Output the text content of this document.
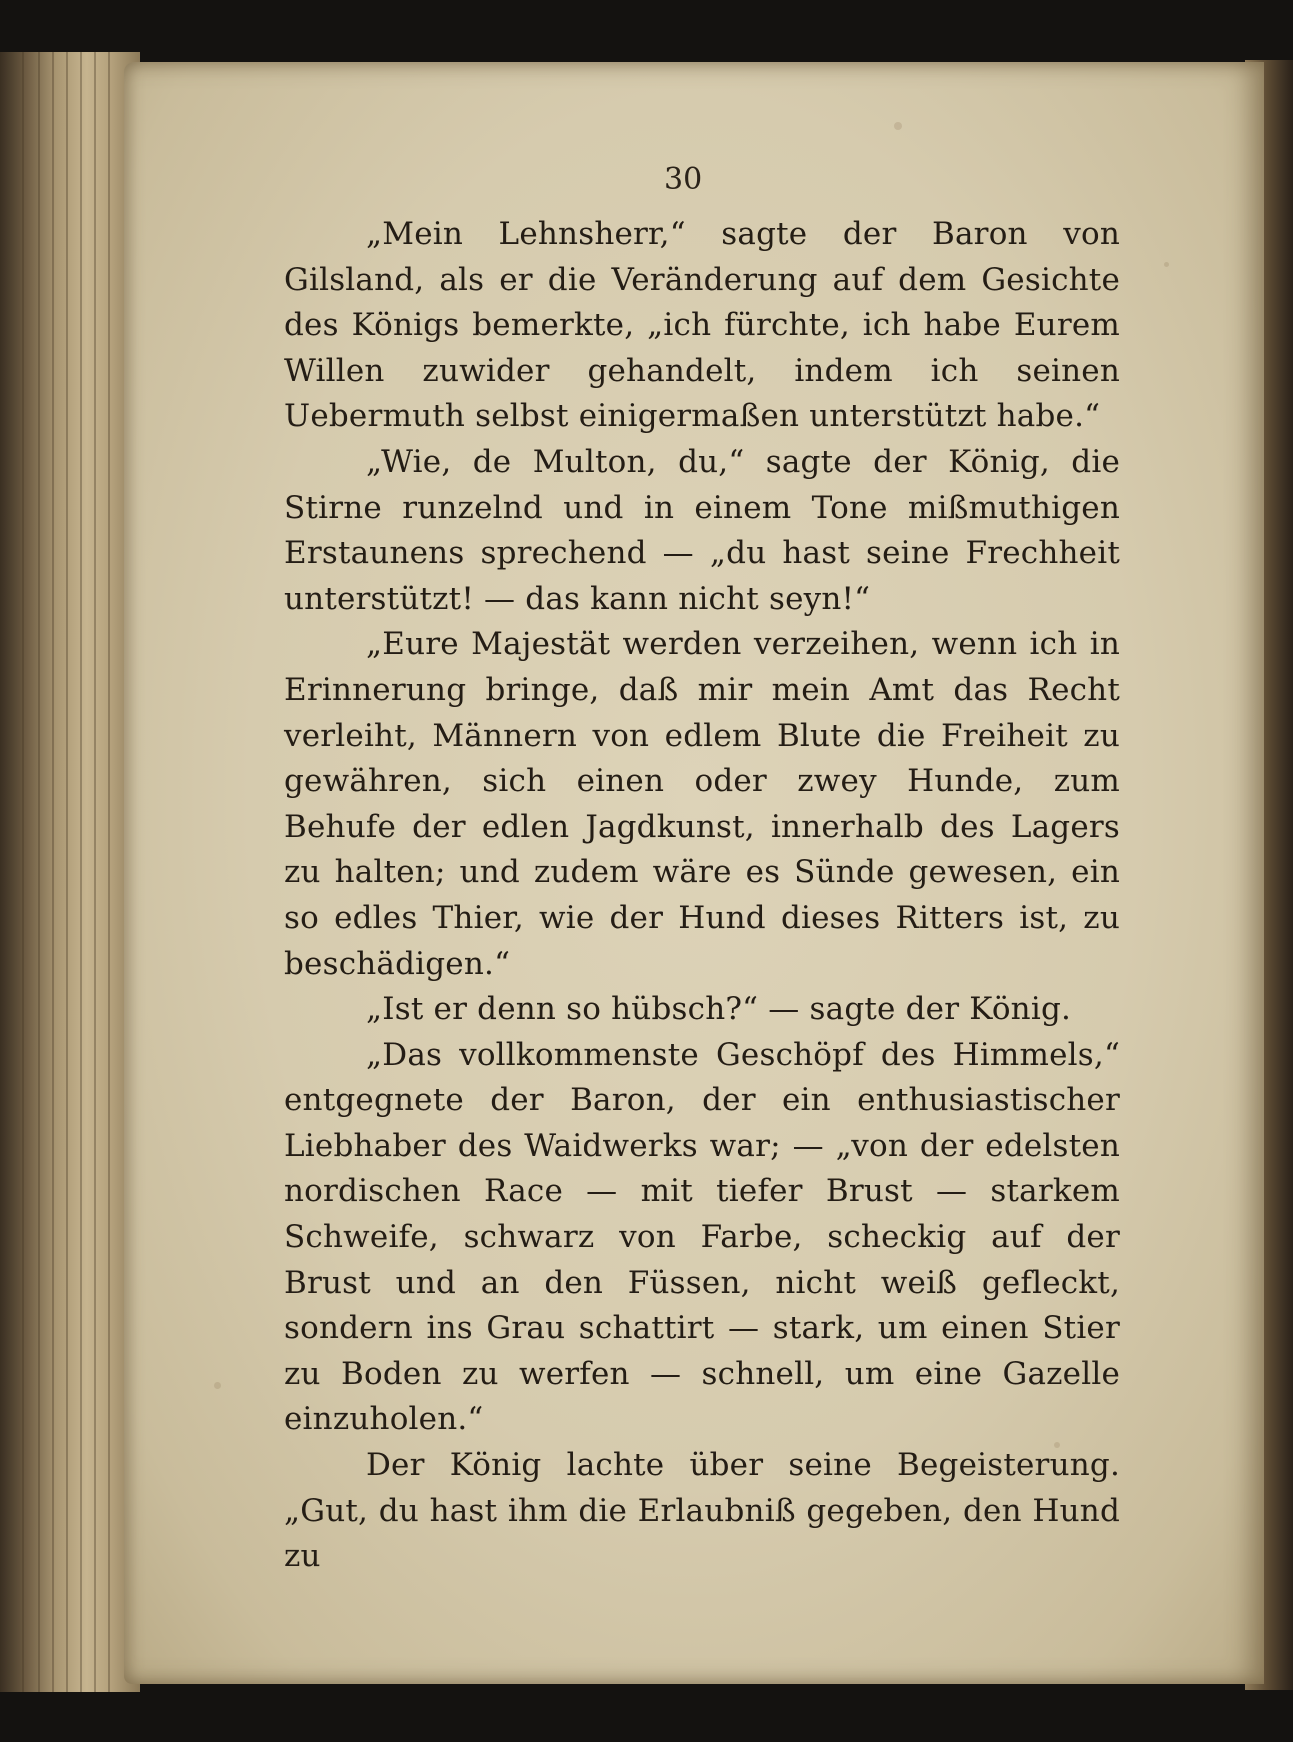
30

„Mein Lehnsherr,“ sagte der Baron von Gilsland, als er die Veränderung auf dem Gesichte des Königs bemerkte, „ich fürchte, ich habe Eurem Willen zuwider gehandelt, indem ich seinen Uebermuth selbst einigermaßen unterstützt habe.“

„Wie, de Multon, du,“ sagte der König, die Stirne runzelnd und in einem Tone mißmuthigen Erstaunens sprechend — „du hast seine Frechheit unterstützt! — das kann nicht seyn!“

„Eure Majestät werden verzeihen, wenn ich in Erinnerung bringe, daß mir mein Amt das Recht verleiht, Männern von edlem Blute die Freiheit zu gewähren, sich einen oder zwey Hunde, zum Behufe der edlen Jagdkunst, innerhalb des Lagers zu halten; und zudem wäre es Sünde gewesen, ein so edles Thier, wie der Hund dieses Ritters ist, zu beschädigen.“

„Ist er denn so hübsch?“ — sagte der König.

„Das vollkommenste Geschöpf des Himmels,“ entgegnete der Baron, der ein enthusiastischer Liebhaber des Waidwerks war; — „von der edelsten nordischen Race — mit tiefer Brust — starkem Schweife, schwarz von Farbe, scheckig auf der Brust und an den Füssen, nicht weiß gefleckt, sondern ins Grau schattirt — stark, um einen Stier zu Boden zu werfen — schnell, um eine Gazelle einzuholen.“

Der König lachte über seine Begeisterung. „Gut, du hast ihm die Erlaubniß gegeben, den Hund zu
